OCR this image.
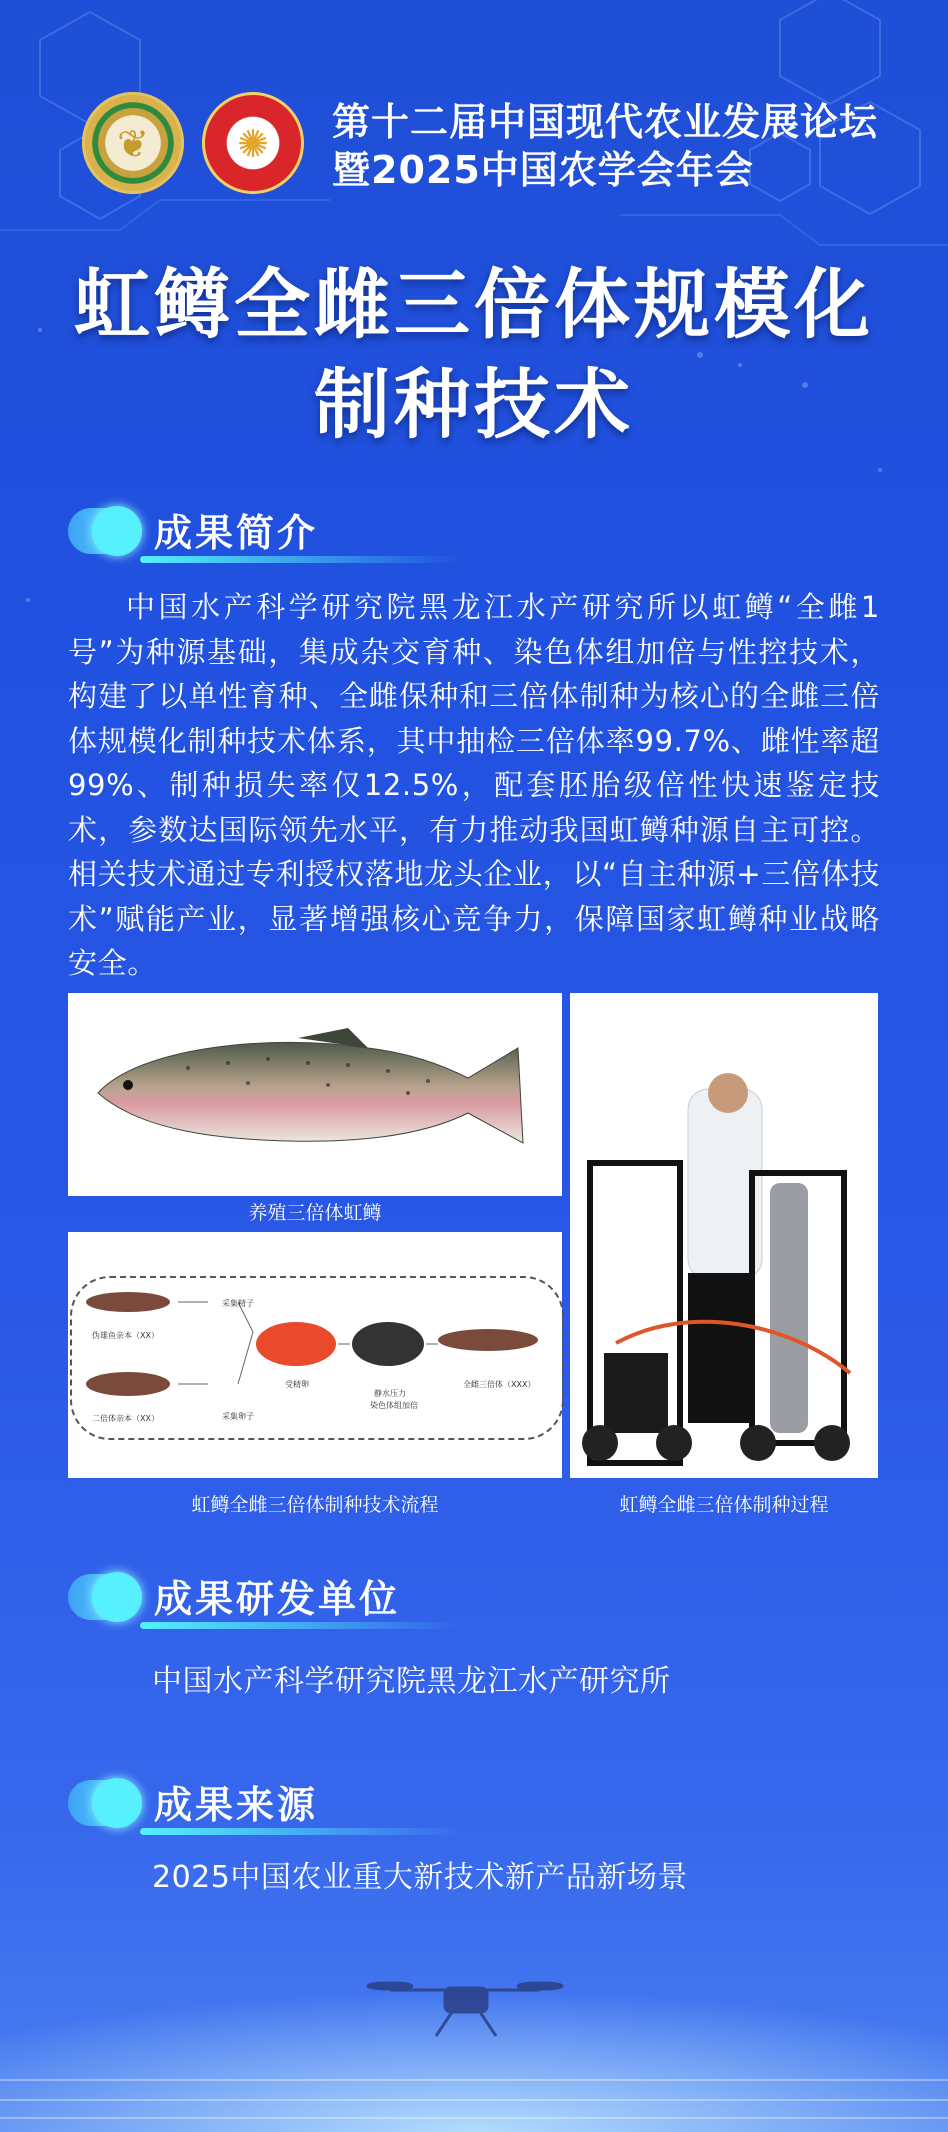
❦	✺	第十二届中国现代农业发展论坛
暨2025中国农学会年会
虹鳟全雌三倍体规模化
制种技术
成果简介
中国水产科学研究院黑龙江水产研究所以虹鳟“全雌1号”为种源基础，集成杂交育种、染色体组加倍与性控技术，构建了以单性育种、全雌保种和三倍体制种为核心的全雌三倍体规模化制种技术体系，其中抽检三倍体率99.7%、雌性率超99%、制种损失率仅12.5%，配套胚胎级倍性快速鉴定技术，参数达国际领先水平，有力推动我国虹鳟种源自主可控。相关技术通过专利授权落地龙头企业，以“自主种源+三倍体技术”赋能产业，显著增强核心竞争力，保障国家虹鳟种业战略安全。
养殖三倍体虹鳟
伪雄鱼亲本（XX）
采集精子
二倍体亲本（XX）	采集卵子
受精卵
静水压力
染色体组加倍
全雌三倍体（XXX）
虹鳟全雌三倍体制种技术流程	虹鳟全雌三倍体制种过程
成果研发单位
中国水产科学研究院黑龙江水产研究所
成果来源
2025中国农业重大新技术新产品新场景
